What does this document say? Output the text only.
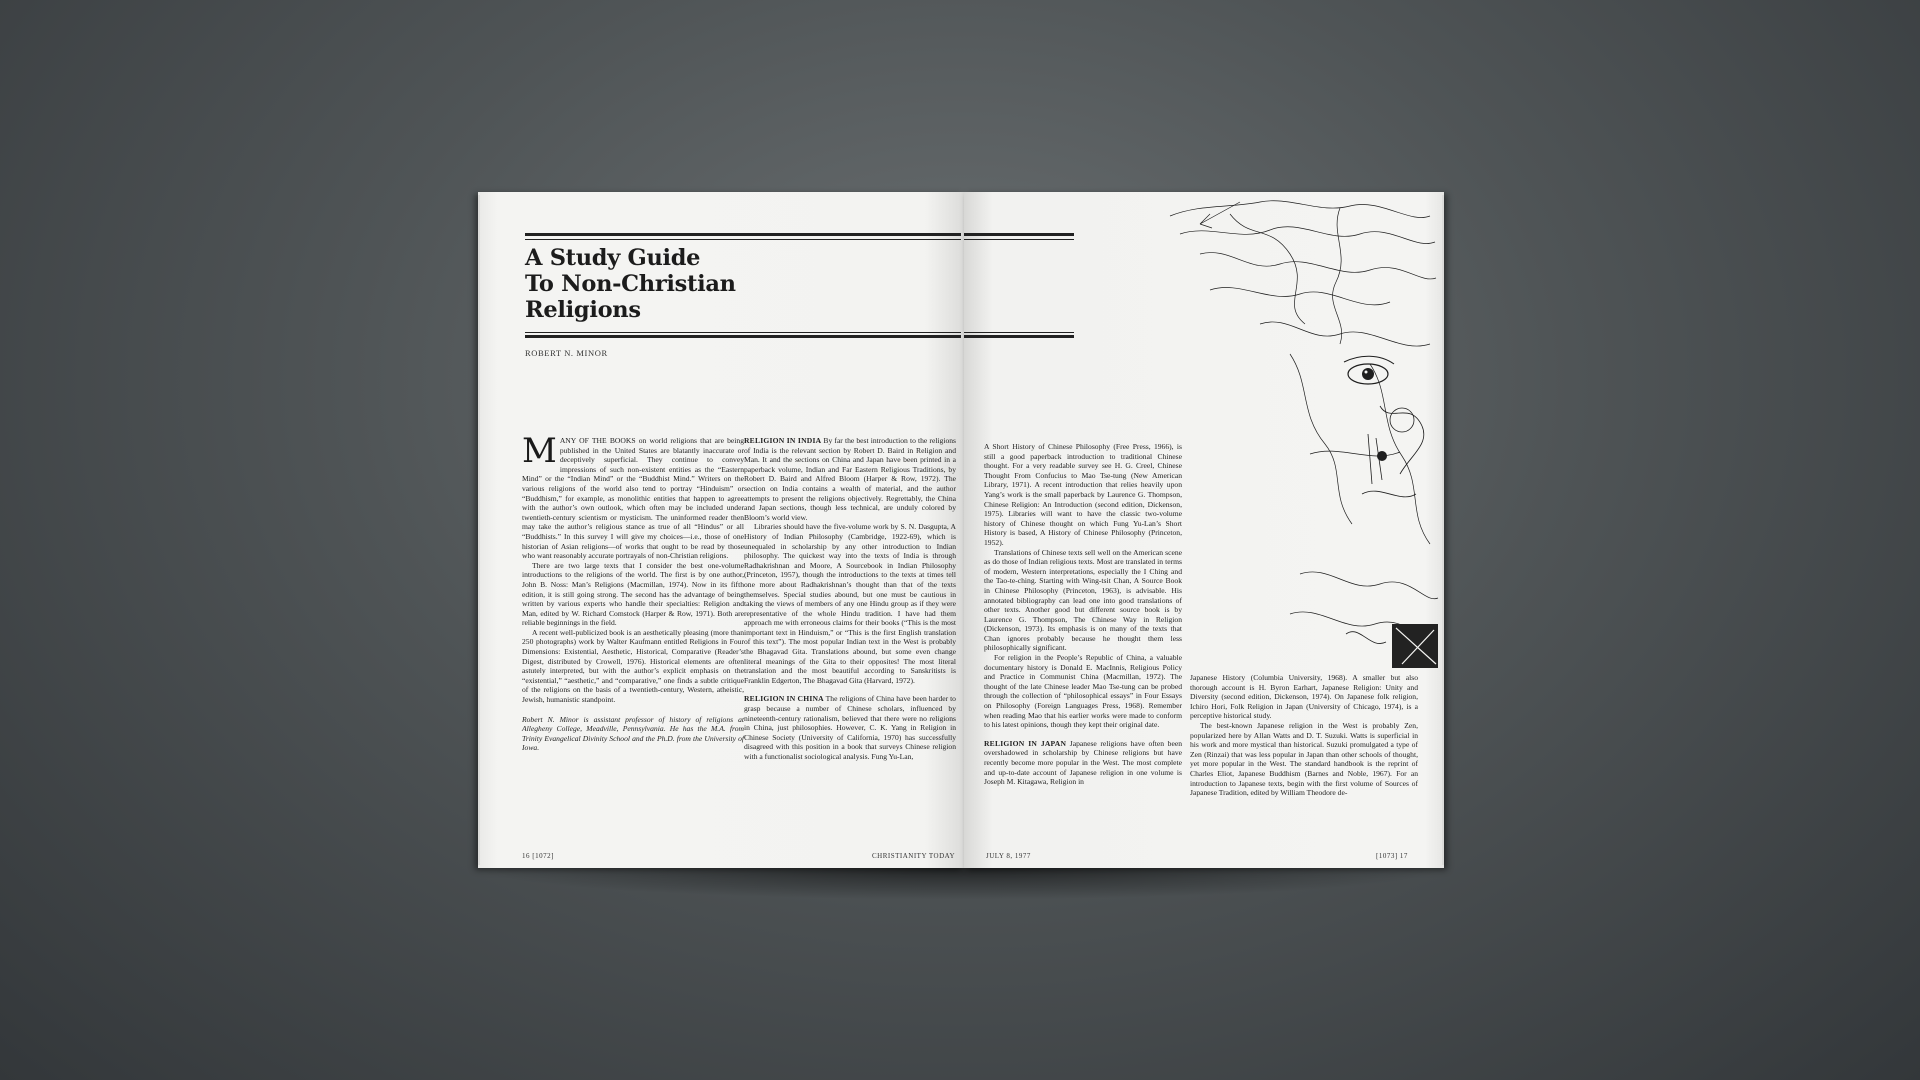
A Study Guide
To Non-Christian
Religions
ROBERT N. MINOR

MANY OF THE BOOKS on world religions that are being published in the United States are blatantly inaccurate or deceptively superficial. They continue to convey impressions of such non-existent entities as the “Eastern Mind” or the “Indian Mind” or the “Buddhist Mind.” Writers on the various religions of the world also tend to portray “Hinduism” or “Buddhism,” for example, as monolithic entities that happen to agree with the author’s own outlook, which often may be included under twentieth-century scientism or mysticism. The uninformed reader then may take the author’s religious stance as true of all “Hindus” or all “Buddhists.” In this survey I will give my choices—i.e., those of one historian of Asian religions—of works that ought to be read by those who want reasonably accurate portrayals of non-Christian religions.

There are two large texts that I consider the best one-volume introductions to the religions of the world. The first is by one author, John B. Noss: Man’s Religions (Macmillan, 1974). Now in its fifth edition, it is still going strong. The second has the advantage of being written by various experts who handle their specialties: Religion and Man, edited by W. Richard Comstock (Harper & Row, 1971). Both are reliable beginnings in the field.

A recent well-publicized book is an aesthetically pleasing (more than 250 photographs) work by Walter Kaufmann entitled Religions in Four Dimensions: Existential, Aesthetic, Historical, Comparative (Reader’s Digest, distributed by Crowell, 1976). Historical elements are often astutely interpreted, but with the author’s explicit emphasis on the “existential,” “aesthetic,” and “comparative,” one finds a subtle critique of the religions on the basis of a twentieth-century, Western, atheistic, Jewish, humanistic standpoint.

Robert N. Minor is assistant professor of history of religions at Allegheny College, Meadville, Pennsylvania. He has the M.A. from Trinity Evangelical Divinity School and the Ph.D. from the University of Iowa.

RELIGION IN INDIA By far the best introduction to the religions of India is the relevant section by Robert D. Baird in Religion and Man. It and the sections on China and Japan have been printed in a paperback volume, Indian and Far Eastern Religious Traditions, by Robert D. Baird and Alfred Bloom (Harper & Row, 1972). The section on India contains a wealth of material, and the author attempts to present the religions objectively. Regrettably, the China and Japan sections, though less technical, are unduly colored by Bloom’s world view.

Libraries should have the five-volume work by S. N. Dasgupta, A History of Indian Philosophy (Cambridge, 1922-69), which is unequaled in scholarship by any other introduction to Indian philosophy. The quickest way into the texts of India is through Radhakrishnan and Moore, A Sourcebook in Indian Philosophy (Princeton, 1957), though the introductions to the texts at times tell one more about Radhakrishnan’s thought than that of the texts themselves. Special studies abound, but one must be cautious in taking the views of members of any one Hindu group as if they were representative of the whole Hindu tradition. I have had them approach me with erroneous claims for their books (“This is the most important text in Hinduism,” or “This is the first English translation of this text”). The most popular Indian text in the West is probably the Bhagavad Gita. Translations abound, but some even change literal meanings of the Gita to their opposites! The most literal translation and the most beautiful according to Sanskritists is Franklin Edgerton, The Bhagavad Gita (Harvard, 1972).

RELIGION IN CHINA The religions of China have been harder to grasp because a number of Chinese scholars, influenced by nineteenth-century rationalism, believed that there were no religions in China, just philosophies. However, C. K. Yang in Religion in Chinese Society (University of California, 1970) has successfully disagreed with this position in a book that surveys Chinese religion with a functionalist sociological analysis. Fung Yu-Lan,

16 [1072]	CHRISTIANITY TODAY

A Short History of Chinese Philosophy (Free Press, 1966), is still a good paperback introduction to traditional Chinese thought. For a very readable survey see H. G. Creel, Chinese Thought From Confucius to Mao Tse-tung (New American Library, 1971). A recent introduction that relies heavily upon Yang’s work is the small paperback by Laurence G. Thompson, Chinese Religion: An Introduction (second edition, Dickenson, 1975). Libraries will want to have the classic two-volume history of Chinese thought on which Fung Yu-Lan’s Short History is based, A History of Chinese Philosophy (Princeton, 1952).

Translations of Chinese texts sell well on the American scene as do those of Indian religious texts. Most are translated in terms of modern, Western interpretations, especially the I Ching and the Tao-te-ching. Starting with Wing-tsit Chan, A Source Book in Chinese Philosophy (Princeton, 1963), is advisable. His annotated bibliography can lead one into good translations of other texts. Another good but different source book is by Laurence G. Thompson, The Chinese Way in Religion (Dickenson, 1973). Its emphasis is on many of the texts that Chan ignores probably because he thought them less philosophically significant.

For religion in the People’s Republic of China, a valuable documentary history is Donald E. MacInnis, Religious Policy and Practice in Communist China (Macmillan, 1972). The thought of the late Chinese leader Mao Tse-tung can be probed through the collection of “philosophical essays” in Four Essays on Philosophy (Foreign Languages Press, 1968). Remember when reading Mao that his earlier works were made to conform to his latest opinions, though they kept their original date.

RELIGION IN JAPAN Japanese religions have often been overshadowed in scholarship by Chinese religions but have recently become more popular in the West. The most complete and up-to-date account of Japanese religion in one volume is Joseph M. Kitagawa, Religion in

Japanese History (Columbia University, 1968). A smaller but also thorough account is H. Byron Earhart, Japanese Religion: Unity and Diversity (second edition, Dickenson, 1974). On Japanese folk religion, Ichiro Hori, Folk Religion in Japan (University of Chicago, 1974), is a perceptive historical study.

The best-known Japanese religion in the West is probably Zen, popularized here by Allan Watts and D. T. Suzuki. Watts is superficial in his work and more mystical than historical. Suzuki promulgated a type of Zen (Rinzai) that was less popular in Japan than other schools of thought, yet more popular in the West. The standard handbook is the reprint of Charles Eliot, Japanese Buddhism (Barnes and Noble, 1967). For an introduction to Japanese texts, begin with the first volume of Sources of Japanese Tradition, edited by William Theodore de-

JULY 8, 1977	[1073] 17
